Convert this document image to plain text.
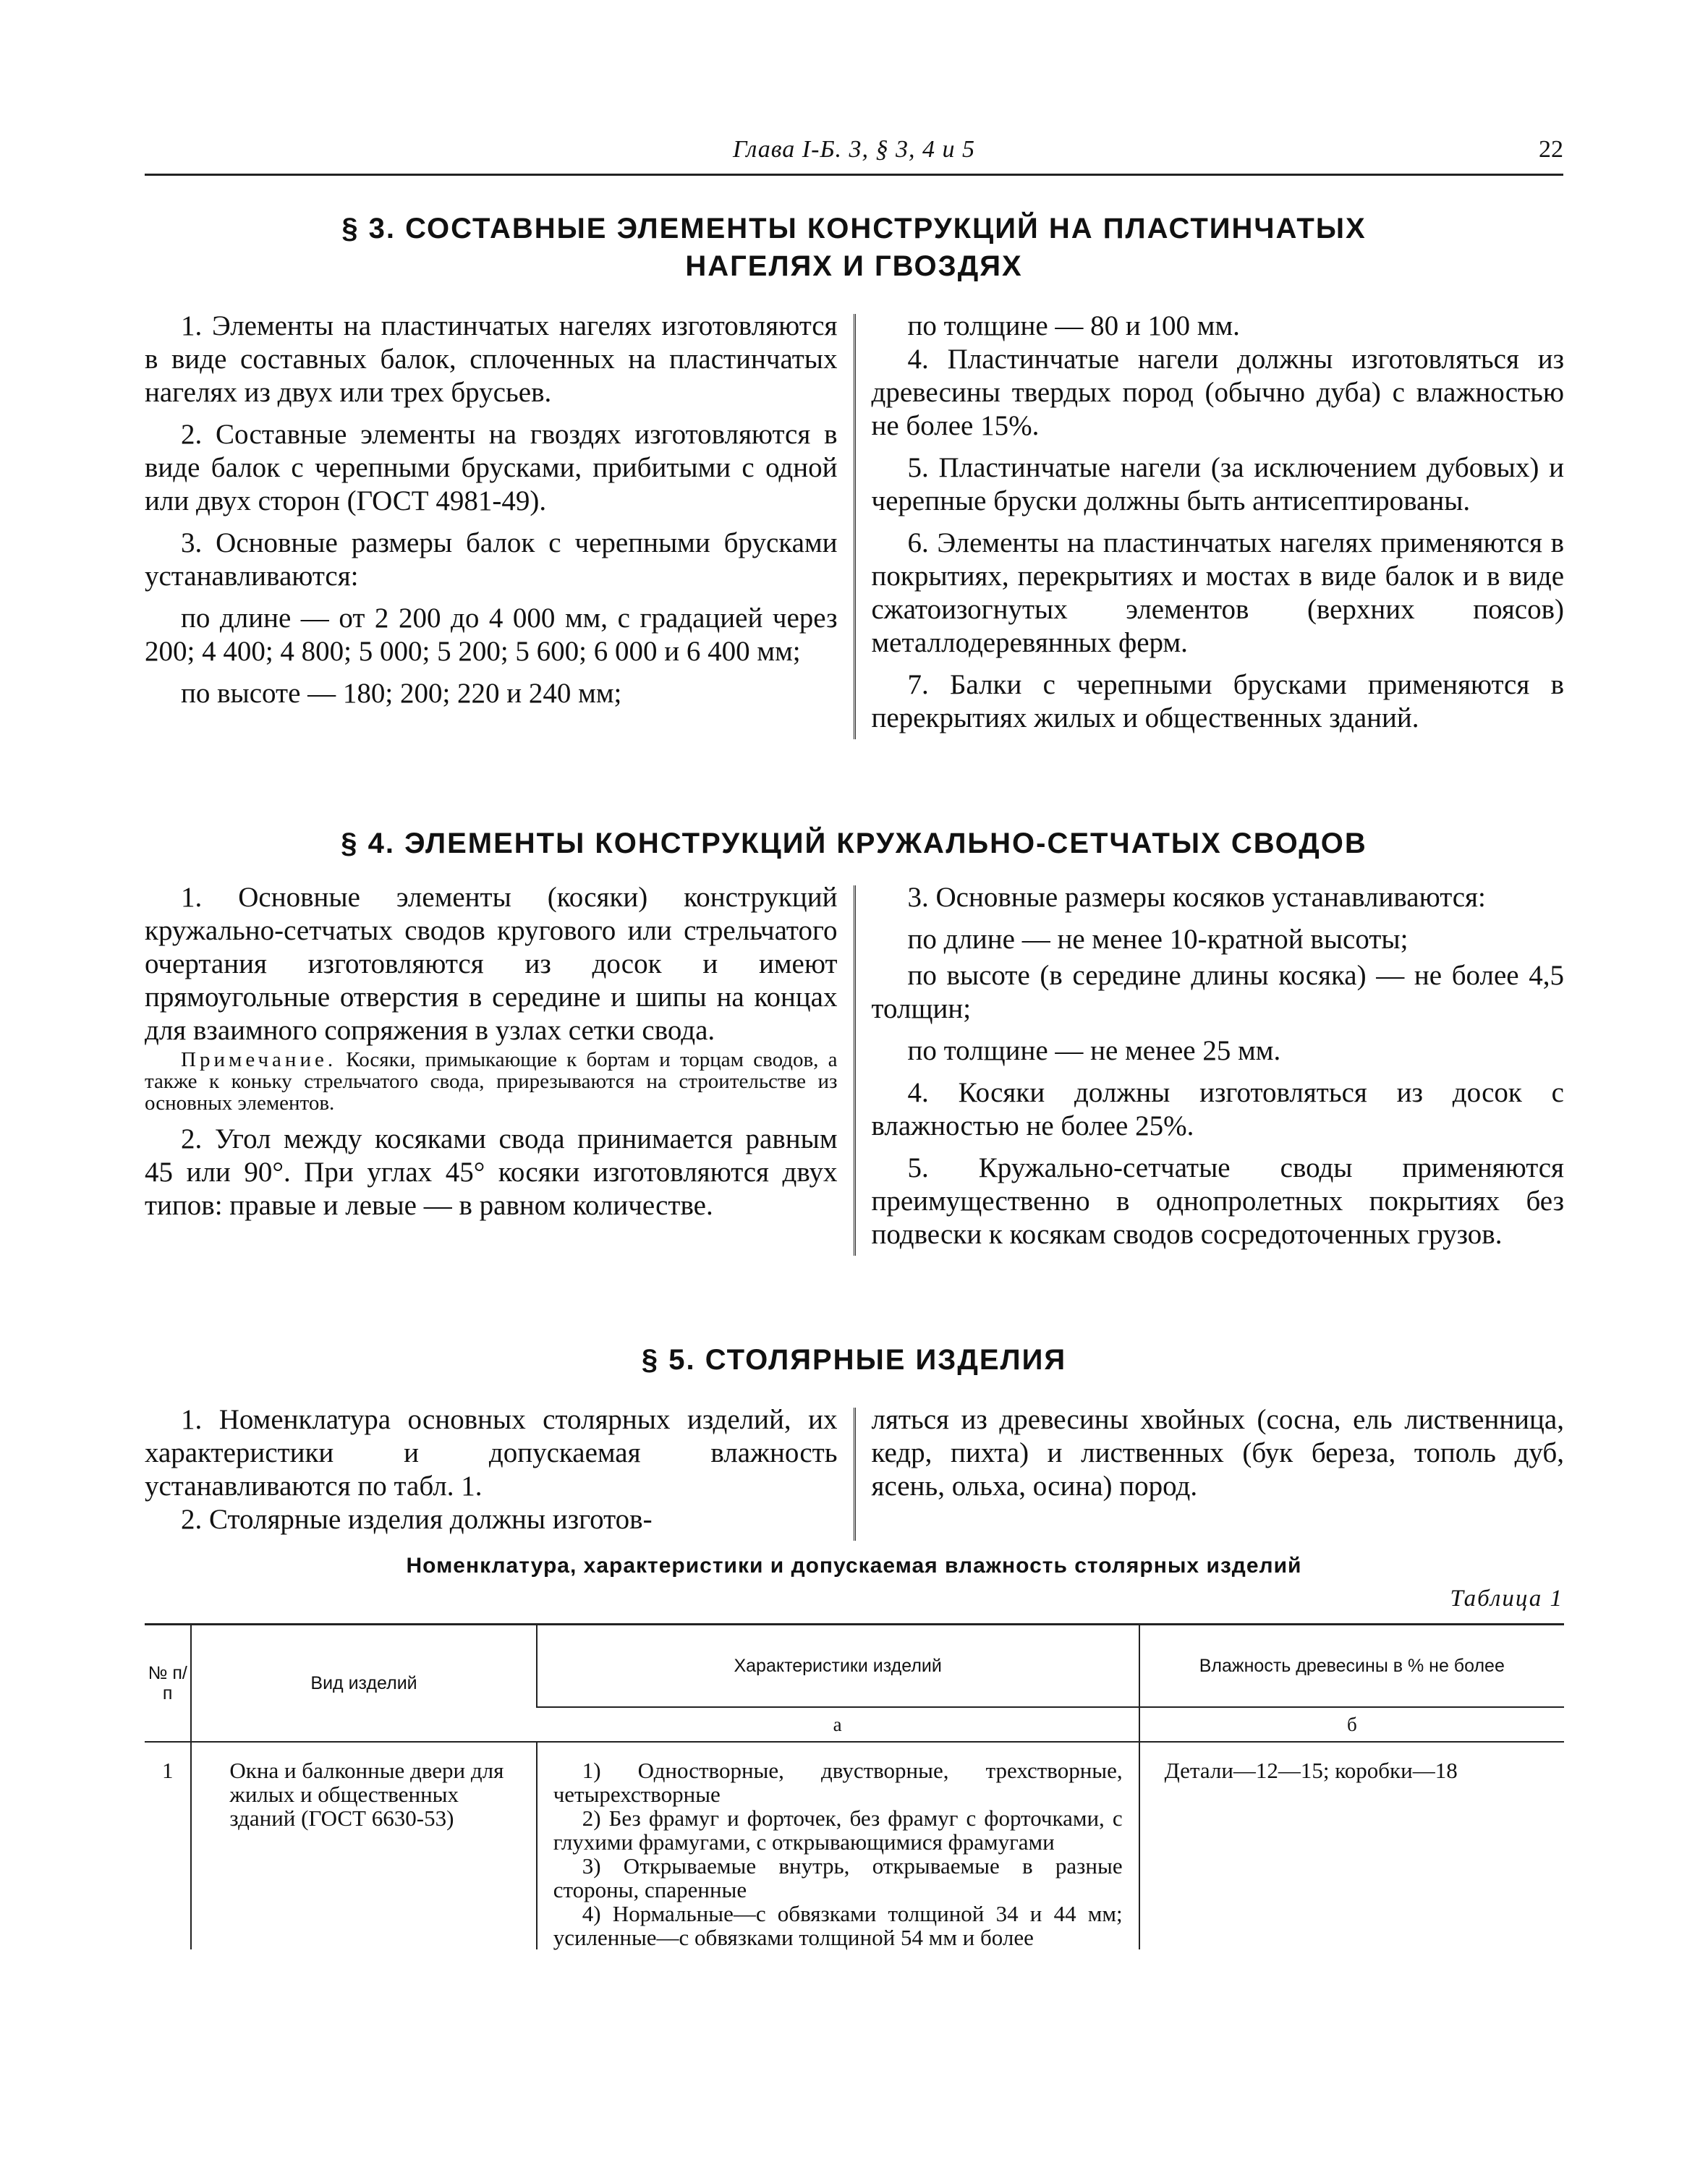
Глава I-Б. 3, § 3, 4 и 5	22
§ 3. СОСТАВНЫЕ ЭЛЕМЕНТЫ КОНСТРУКЦИЙ НА ПЛАСТИНЧАТЫХ
НАГЕЛЯХ И ГВОЗДЯХ

1. Элементы на пластинчатых нагелях изготовляются в виде составных балок, сплоченных на пластинчатых нагелях из двух или трех брусьев.

2. Составные элементы на гвоздях изготовляются в виде балок с черепными брусками, прибитыми с одной или двух сторон (ГОСТ 4981-49).

3. Основные размеры балок с черепными брусками устанавливаются:

по длине — от 2 200 до 4 000 мм, с градацией через 200; 4 400; 4 800; 5 000; 5 200; 5 600; 6 000 и 6 400 мм;

по высоте — 180; 200; 220 и 240 мм;

по толщине — 80 и 100 мм.

4. Пластинчатые нагели должны изготовляться из древесины твердых пород (обычно дуба) с влажностью не более 15%.

5. Пластинчатые нагели (за исключением дубовых) и черепные бруски должны быть антисептированы.

6. Элементы на пластинчатых нагелях применяются в покрытиях, перекрытиях и мостах в виде балок и в виде сжатоизогнутых элементов (верхних поясов) металлодеревянных ферм.

7. Балки с черепными брусками применяются в перекрытиях жилых и общественных зданий.

§ 4. ЭЛЕМЕНТЫ КОНСТРУКЦИЙ КРУЖАЛЬНО-СЕТЧАТЫХ СВОДОВ

1. Основные элементы (косяки) конструкций кружально-сетчатых сводов кругового или стрельчатого очертания изготовляются из досок и имеют прямоугольные отверстия в середине и шипы на концах для взаимного сопряжения в узлах сетки свода.

Примечание. Косяки, примыкающие к бортам и торцам сводов, а также к коньку стрельчатого свода, прирезываются на строительстве из основных элементов.

2. Угол между косяками свода принимается равным 45 или 90°. При углах 45° косяки изготовляются двух типов: правые и левые — в равном количестве.

3. Основные размеры косяков устанавливаются:

по длине — не менее 10-кратной высоты;

по высоте (в середине длины косяка) — не более 4,5 толщин;

по толщине — не менее 25 мм.

4. Косяки должны изготовляться из досок с влажностью не более 25%.

5. Кружально-сетчатые своды применяются преимущественно в однопролетных покрытиях без подвески к косякам сводов сосредоточенных грузов.

§ 5. СТОЛЯРНЫЕ ИЗДЕЛИЯ

1. Номенклатура основных столярных изделий, их характеристики и допускаемая влажность устанавливаются по табл. 1.

2. Столярные изделия должны изготов-

ляться из древесины хвойных (сосна, ель лиственница, кедр, пихта) и лиственных (бук береза, тополь дуб, ясень, ольха, осина) пород.

Номенклатура, характеристики и допускаемая влажность столярных изделий
Таблица 1
№ п/п	Вид изделий	Характеристики изделий	Влажность древесины в % не более
		а	б
1	Окна и балконные двери для жилых и общественных зданий (ГОСТ 6630-53)	1) Одностворные, двустворные, трехстворные, четырехстворные

2) Без фрамуг и форточек, без фрамуг с форточками, с глухими фрамугами, с открывающимися фрамугами

3) Открываемые внутрь, открываемые в разные стороны, спаренные

4) Нормальные—с обвязками толщиной 34 и 44 мм; усиленные—с обвязками толщиной 54 мм и более	Детали—12—15; коробки—18
